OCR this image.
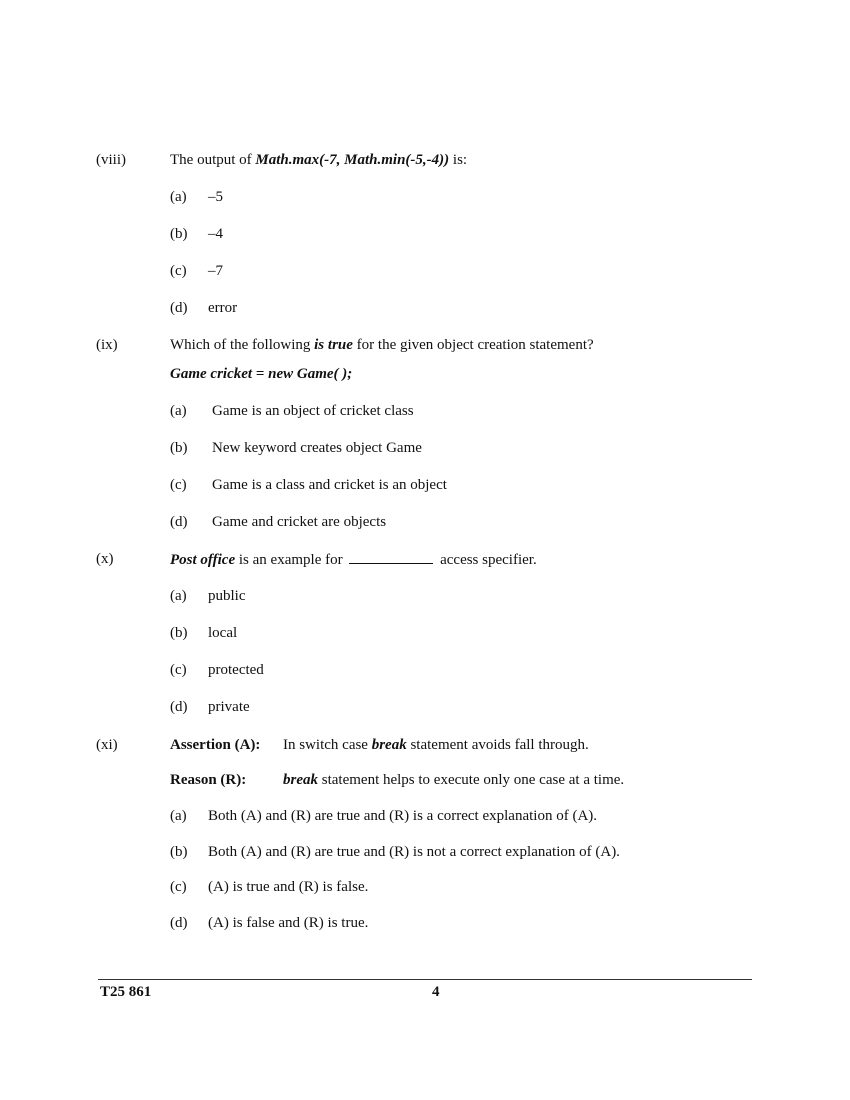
(viii)	The output of Math.max(-7, Math.min(-5,-4)) is:
(a) –5
(b) –4
(c) –7
(d) error
(ix)	Which of the following is true for the given object creation statement?
Game cricket = new Game( );
(a) Game is an object of cricket class
(b) New keyword creates object Game
(c) Game is a class and cricket is an object
(d) Game and cricket are objects
(x)	Post office is an example for	access specifier.
(a) public
(b) local
(c) protected
(d) private
(xi)	Assertion (A): In switch case break statement avoids fall through.
Reason (R): break statement helps to execute only one case at a time.
(a) Both (A) and (R) are true and (R) is a correct explanation of (A).
(b) Both (A) and (R) are true and (R) is not a correct explanation of (A).
(c) (A) is true and (R) is false.
(d) (A) is false and (R) is true.
T25 861	4
